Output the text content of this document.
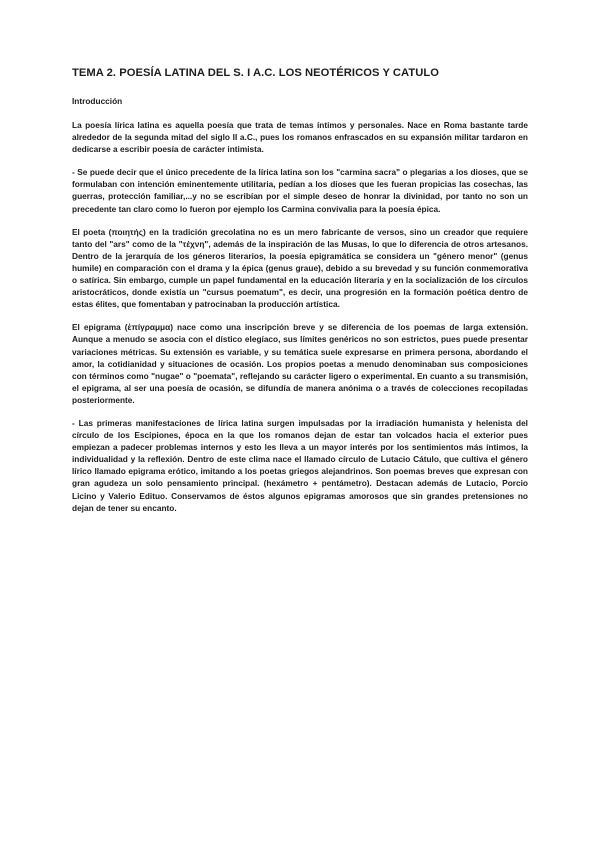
TEMA 2. POESÍA LATINA DEL S. I A.C. LOS NEOTÉRICOS Y CATULO
Introducción

La poesía lírica latina es aquella poesía que trata de temas íntimos y personales. Nace en Roma bastante tarde alrededor de la segunda mitad del siglo II a.C., pues los romanos enfrascados en su expansión militar tardaron en dedicarse a escribir poesía de carácter intimista.

- Se puede decir que el único precedente de la lírica latina son los "carmina sacra" o plegarias a los dioses, que se formulaban con intención eminentemente utilitaria, pedían a los dioses que les fueran propicias las cosechas, las guerras, protección familiar,...y no se escribían por el simple deseo de honrar la divinidad, por tanto no son un precedente tan claro como lo fueron por ejemplo los Carmina convivalia para la poesía épica.

El poeta (ποιητής) en la tradición grecolatina no es un mero fabricante de versos, sino un creador que requiere tanto del "ars" como de la "τέχνη", además de la inspiración de las Musas, lo que lo diferencia de otros artesanos. Dentro de la jerarquía de los géneros literarios, la poesía epigramática se considera un "género menor" (genus humile) en comparación con el drama y la épica (genus graue), debido a su brevedad y su función conmemorativa o satírica. Sin embargo, cumple un papel fundamental en la educación literaria y en la socialización de los círculos aristocráticos, donde existía un "cursus poematum", es decir, una progresión en la formación poética dentro de estas élites, que fomentaban y patrocinaban la producción artística.

El epigrama (ἐπίγραμμα) nace como una inscripción breve y se diferencia de los poemas de larga extensión. Aunque a menudo se asocia con el dístico elegíaco, sus límites genéricos no son estrictos, pues puede presentar variaciones métricas. Su extensión es variable, y su temática suele expresarse en primera persona, abordando el amor, la cotidianidad y situaciones de ocasión. Los propios poetas a menudo denominaban sus composiciones con términos como "nugae" o "poemata", reflejando su carácter ligero o experimental. En cuanto a su transmisión, el epigrama, al ser una poesía de ocasión, se difundía de manera anónima o a través de colecciones recopiladas posteriormente.

- Las primeras manifestaciones de lírica latina surgen impulsadas por la irradiación humanista y helenista del círculo de los Escipiones, época en la que los romanos dejan de estar tan volcados hacia el exterior pues empiezan a padecer problemas internos y esto les lleva a un mayor interés por los sentimientos más íntimos, la individualidad y la reflexión. Dentro de este clima nace el llamado círculo de Lutacio Cátulo, que cultiva el género lírico llamado epigrama erótico, imitando a los poetas griegos alejandrinos. Son poemas breves que expresan con gran agudeza un solo pensamiento principal. (hexámetro + pentámetro). Destacan además de Lutacio, Porcio Licino y Valerio Edituo. Conservamos de éstos algunos epigramas amorosos que sin grandes pretensiones no dejan de tener su encanto.
